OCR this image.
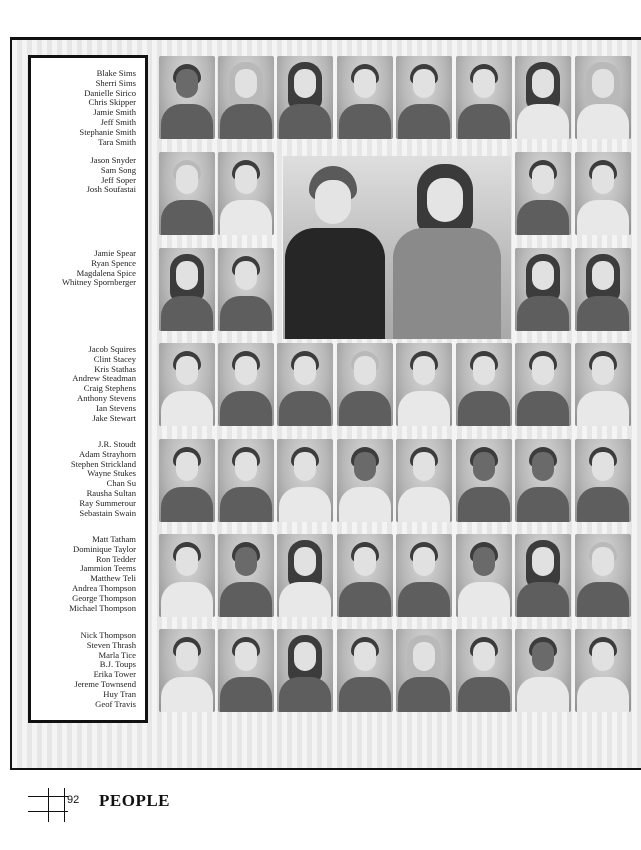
Blake Sims
Sherri Sims
Danielle Sirico
Chris Skipper
Jamie Smith
Jeff Smith
Stephanie Smith
Tara Smith
Jason Snyder
Sam Song
Jeff Soper
Josh Soufastai
Jamie Spear
Ryan Spence
Magdalena Spice
Whitney Spornberger
Jacob Squires
Clint Stacey
Kris Stathas
Andrew Steadman
Craig Stephens
Anthony Stevens
Ian Stevens
Jake Stewart
J.R. Stoudt
Adam Strayhorn
Stephen Strickland
Wayne Stukes
Chan Su
Rausha Sultan
Ray Summerour
Sebastain Swain
Matt Tatham
Dominique Taylor
Ron Tedder
Jammion Teems
Matthew Teli
Andrea Thompson
George Thompson
Michael Thompson
Nick Thompson
Steven Thrash
Marla Tice
B.J. Toups
Erika Tower
Jereme Townsend
Huy Tran
Geof Travis
92 PEOPLE
